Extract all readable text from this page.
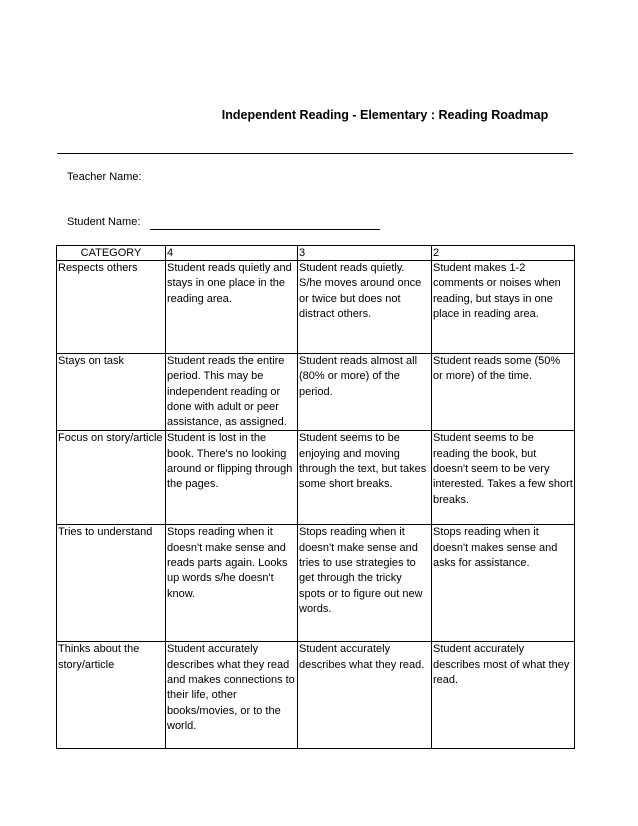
Independent Reading - Elementary : Reading Roadmap
Teacher Name:
Student Name:
CATEGORY	4	3	2
Respects others	Student reads quietly and stays in one place in the reading area.	Student reads quietly. S/he moves around once or twice but does not distract others.	Student makes 1-2 comments or noises when reading, but stays in one place in reading area.
Stays on task	Student reads the entire period. This may be independent reading or done with adult or peer assistance, as assigned.	Student reads almost all (80% or more) of the period.	Student reads some (50% or more) of the time.
Focus on story/article	Student is lost in the book. There's no looking around or flipping through the pages.	Student seems to be enjoying and moving through the text, but takes some short breaks.	Student seems to be reading the book, but doesn't seem to be very interested. Takes a few short breaks.
Tries to understand	Stops reading when it doesn't make sense and reads parts again. Looks up words s/he doesn't know.	Stops reading when it doesn't make sense and tries to use strategies to get through the tricky spots or to figure out new words.	Stops reading when it doesn't makes sense and asks for assistance.
Thinks about the story/article	Student accurately describes what they read and makes connections to their life, other books/movies, or to the world.	Student accurately describes what they read.	Student accurately describes most of what they read.
